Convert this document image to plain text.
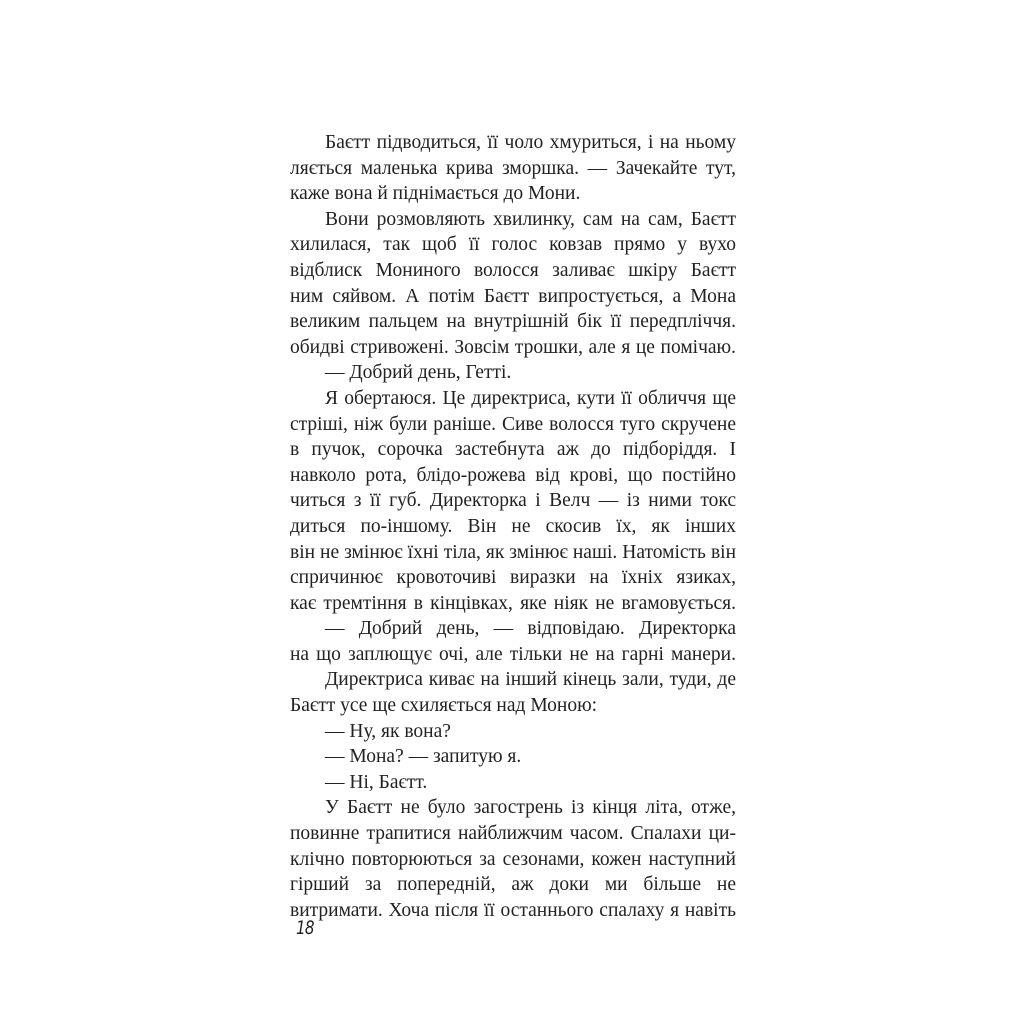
Баєтт підводиться, її чоло хмуриться, і на ньому
ляється маленька крива зморшка. — Зачекайте тут,
каже вона й піднімається до Мони.
Вони розмовляють хвилинку, сам на сам, Баєтт
хилилася, так щоб її голос ковзав прямо у вухо
відблиск Мониного волосся заливає шкіру Баєтт
ним сяйвом. А потім Баєтт випростується, а Мона
великим пальцем на внутрішній бік її передпліччя.
обидві стривожені. Зовсім трошки, але я це помічаю.
— Добрий день, Гетті.
Я обертаюся. Це директриса, кути її обличчя ще
стріші, ніж були раніше. Сиве волосся туго скручене
в пучок, сорочка застебнута аж до підборіддя. І
навколо рота, блідо-рожева від крові, що постійно
читься з її губ. Директорка і Велч — із ними токс
диться по-іншому. Він не скосив їх, як інших
він не змінює їхні тіла, як змінює наші. Натомість він
спричинює кровоточиві виразки на їхніх язиках,
кає тремтіння в кінцівках, яке ніяк не вгамовується.
— Добрий день, — відповідаю. Директорка
на що заплющує очі, але тільки не на гарні манери.
Директриса киває на інший кінець зали, туди, де
Баєтт усе ще схиляється над Моною:
— Ну, як вона?
— Мона? — запитую я.
— Ні, Баєтт.
У Баєтт не було загострень із кінця літа, отже,
повинне трапитися найближчим часом. Спалахи ци-
клічно повторюються за сезонами, кожен наступний
гірший за попередній, аж доки ми більше не
витримати. Хоча після її останнього спалаху я навіть
18
